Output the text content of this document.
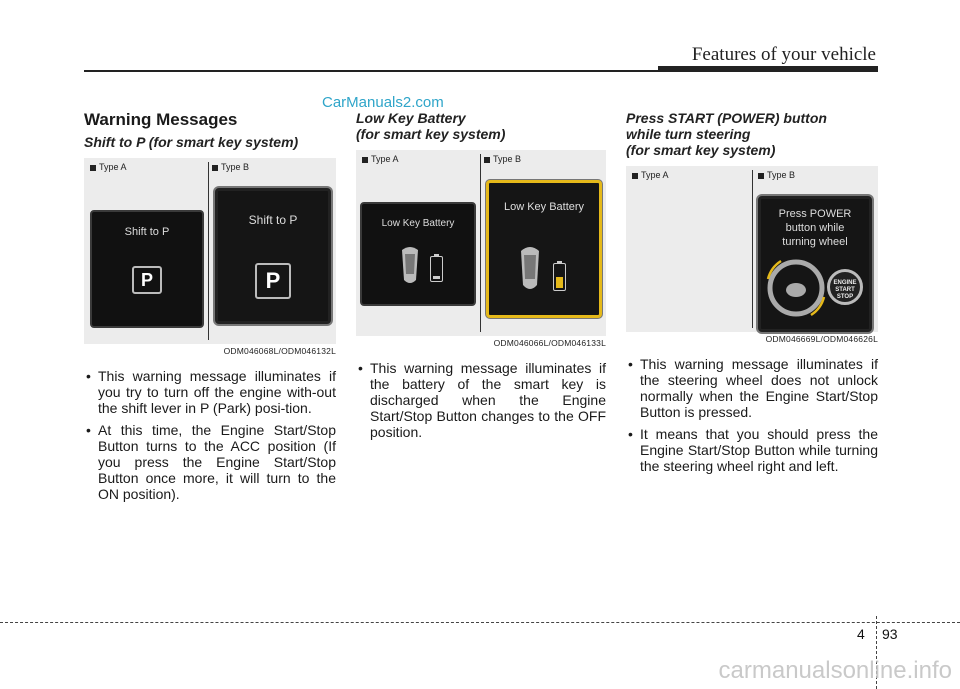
Features of your vehicle
CarManuals2.com
Warning Messages
Shift to P (for smart key system)
Type A	Type B
Shift to P
P
Shift to P
P
ODM046068L/ODM046132L
• This warning message illuminates if you try to turn off the engine with-out the shift lever in P (Park) posi-tion.
• At this time, the Engine Start/Stop Button turns to the ACC position (If you press the Engine Start/Stop Button once more, it will turn to the ON position).
Low Key Battery
(for smart key system)
Type A	Type B
Low Key Battery
Low Key Battery
ODM046066L/ODM046133L
• This warning message illuminates if the battery of the smart key is discharged when the Engine Start/Stop Button changes to the OFF position.
Press START (POWER) button
while turn steering
(for smart key system)
Type A	Type B
Press POWER
button while
turning wheel
ENGINE
START
STOP
ODM046669L/ODM046626L
• This warning message illuminates if the steering wheel does not unlock normally when the Engine Start/Stop Button is pressed.
• It means that you should press the Engine Start/Stop Button while turning the steering wheel right and left.
4 93
carmanualsonline.info
